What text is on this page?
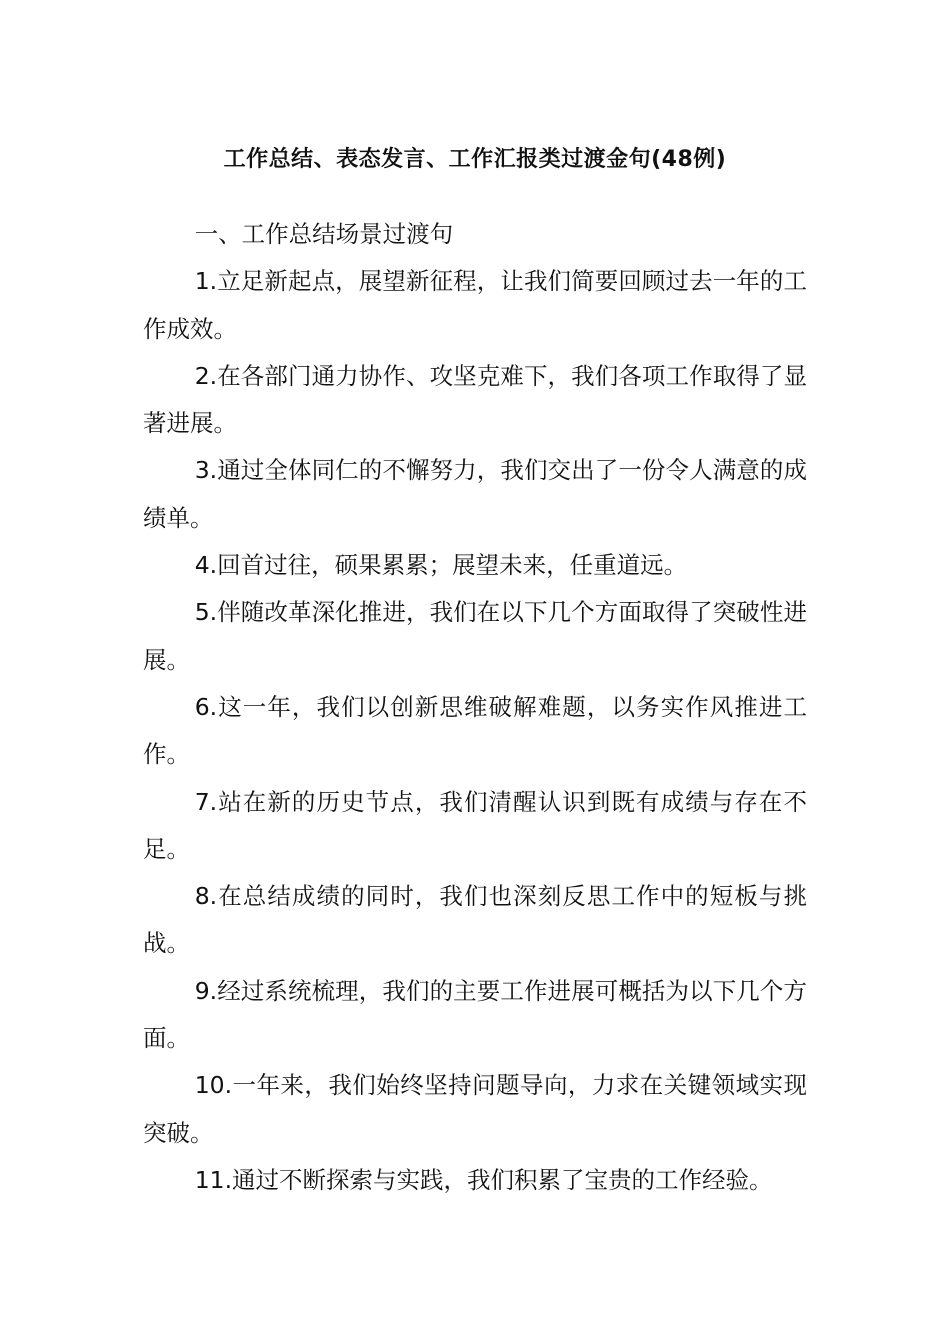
工作总结、表态发言、工作汇报类过渡金句(48例)

一、工作总结场景过渡句

1.立足新起点，展望新征程，让我们简要回顾过去一年的工作成效。

2.在各部门通力协作、攻坚克难下，我们各项工作取得了显著进展。

3.通过全体同仁的不懈努力，我们交出了一份令人满意的成绩单。

4.回首过往，硕果累累；展望未来，任重道远。

5.伴随改革深化推进，我们在以下几个方面取得了突破性进展。

6.这一年，我们以创新思维破解难题，以务实作风推进工作。

7.站在新的历史节点，我们清醒认识到既有成绩与存在不足。

8.在总结成绩的同时，我们也深刻反思工作中的短板与挑战。

9.经过系统梳理，我们的主要工作进展可概括为以下几个方面。

10.一年来，我们始终坚持问题导向，力求在关键领域实现突破。

11.通过不断探索与实践，我们积累了宝贵的工作经验。
